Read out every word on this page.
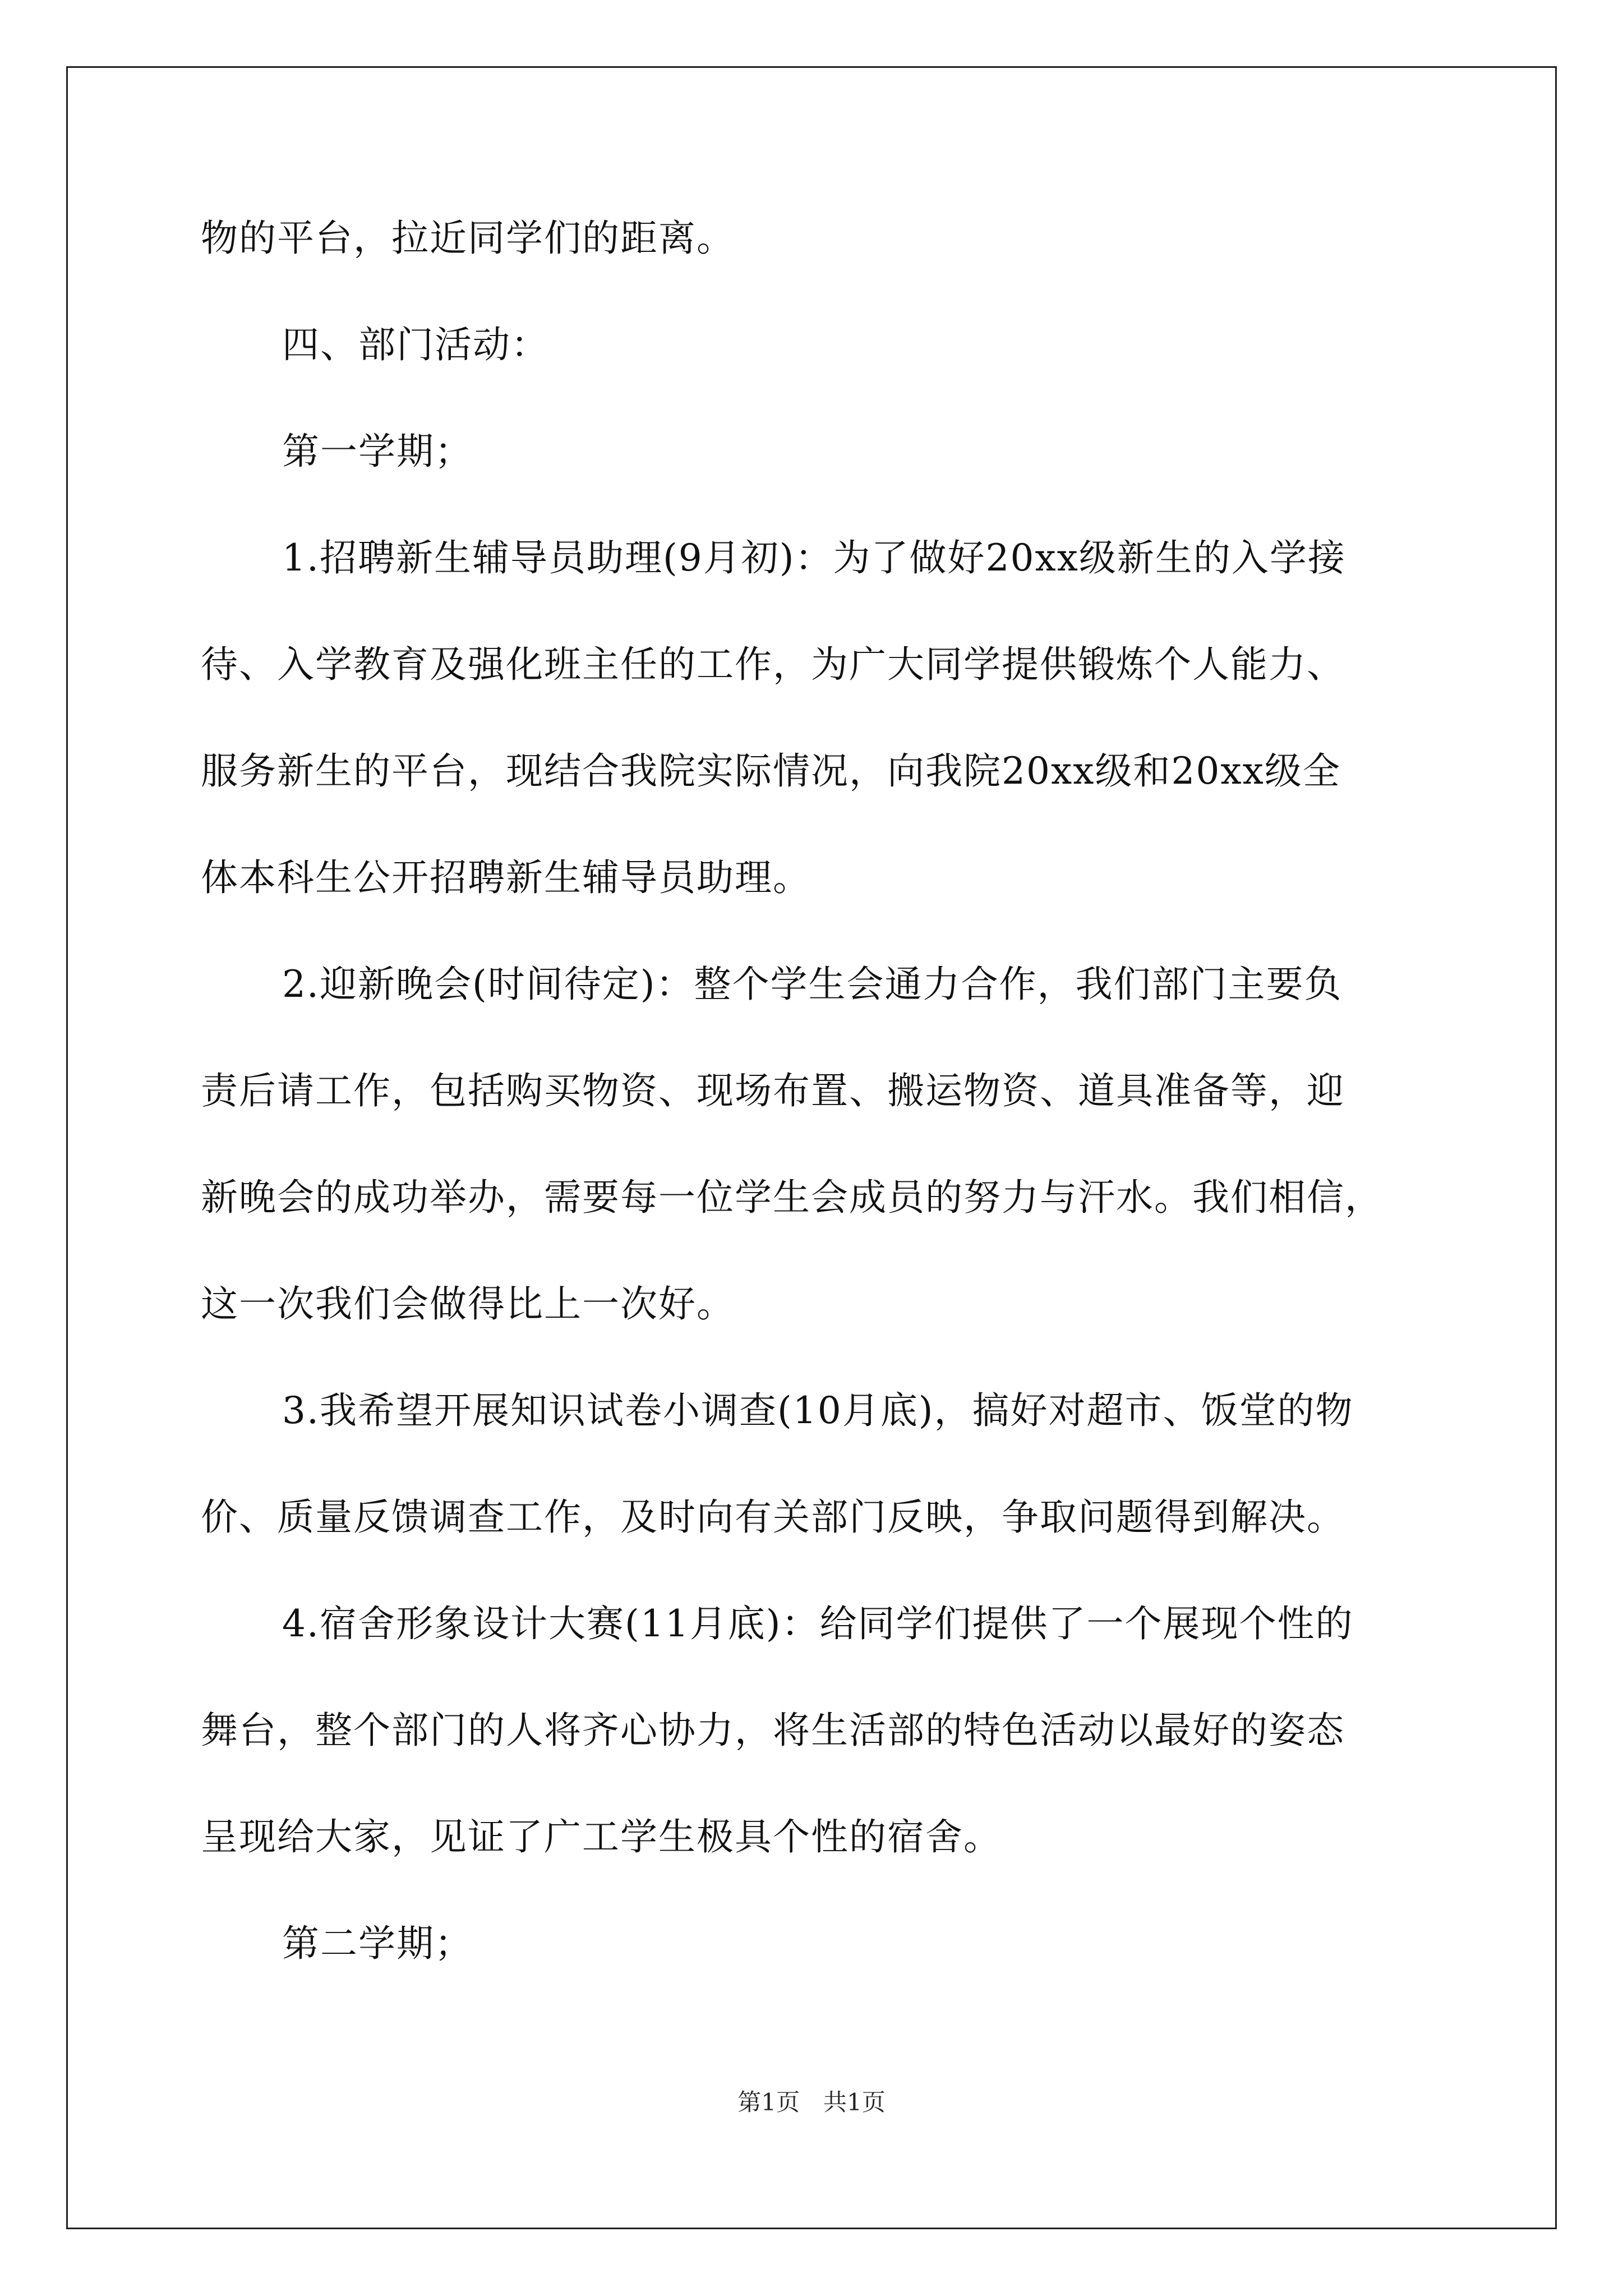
物的平台，拉近同学们的距离。
四、部门活动：
第一学期；
1.招聘新生辅导员助理(9月初)：为了做好20xx级新生的入学接
待、入学教育及强化班主任的工作，为广大同学提供锻炼个人能力、
服务新生的平台，现结合我院实际情况，向我院20xx级和20xx级全
体本科生公开招聘新生辅导员助理。
2.迎新晚会(时间待定)：整个学生会通力合作，我们部门主要负
责后请工作，包括购买物资、现场布置、搬运物资、道具准备等，迎
新晚会的成功举办，需要每一位学生会成员的努力与汗水。我们相信，
这一次我们会做得比上一次好。
3.我希望开展知识试卷小调查(10月底)，搞好对超市、饭堂的物
价、质量反馈调查工作，及时向有关部门反映，争取问题得到解决。
4.宿舍形象设计大赛(11月底)：给同学们提供了一个展现个性的
舞台，整个部门的人将齐心协力，将生活部的特色活动以最好的姿态
呈现给大家，见证了广工学生极具个性的宿舍。
第二学期；
第1页　共1页
